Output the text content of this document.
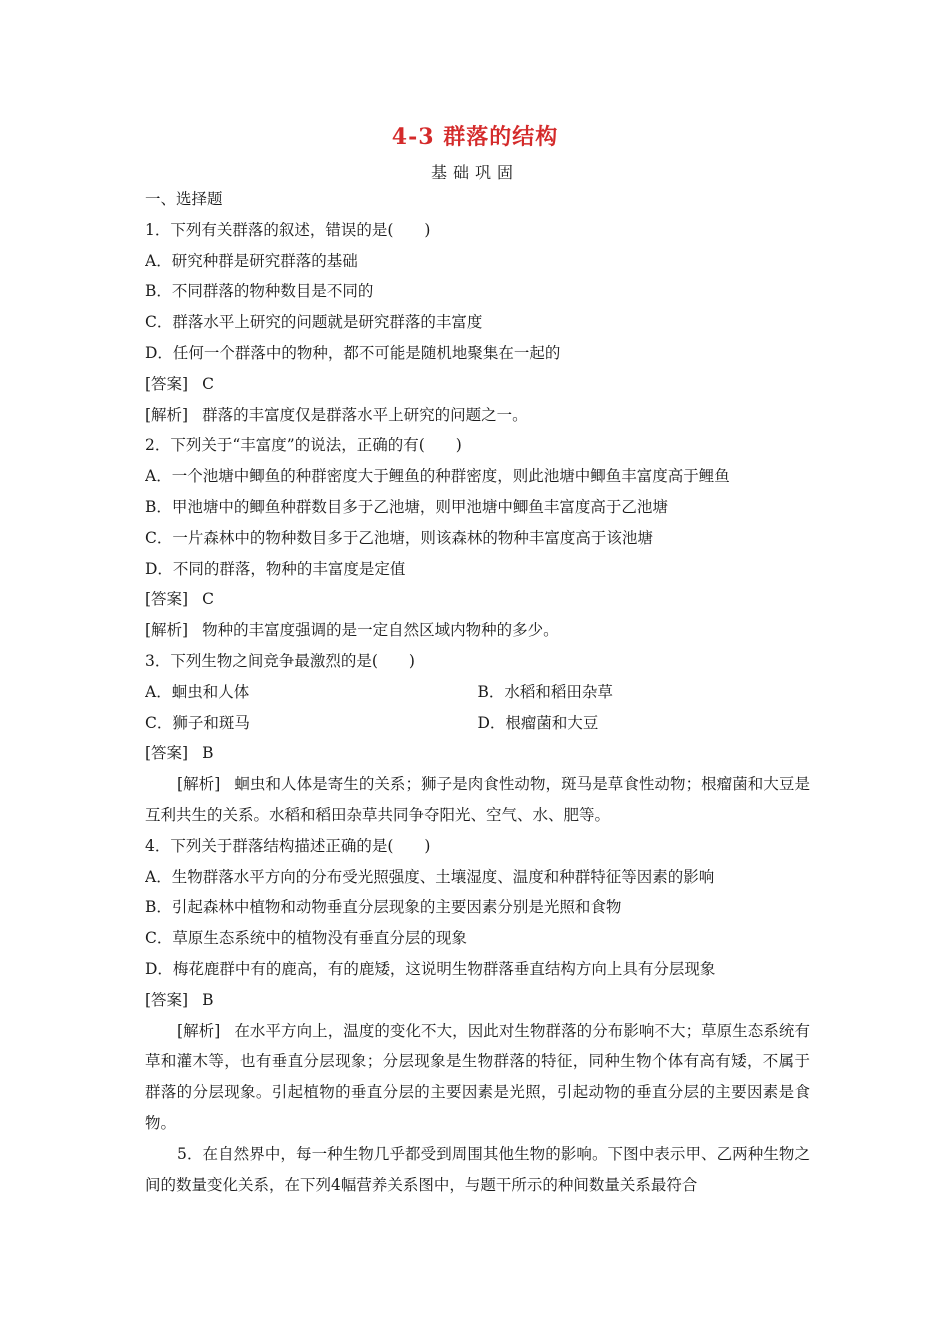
4-3 群落的结构
基础巩固
一、选择题
1．下列有关群落的叙述，错误的是(　　)
A．研究种群是研究群落的基础
B．不同群落的物种数目是不同的
C．群落水平上研究的问题就是研究群落的丰富度
D．任何一个群落中的物种，都不可能是随机地聚集在一起的
[答案] C
[解析] 群落的丰富度仅是群落水平上研究的问题之一。
2．下列关于“丰富度”的说法，正确的有(　　)
A．一个池塘中鲫鱼的种群密度大于鲤鱼的种群密度，则此池塘中鲫鱼丰富度高于鲤鱼
B．甲池塘中的鲫鱼种群数目多于乙池塘，则甲池塘中鲫鱼丰富度高于乙池塘
C．一片森林中的物种数目多于乙池塘，则该森林的物种丰富度高于该池塘
D．不同的群落，物种的丰富度是定值
[答案] C
[解析] 物种的丰富度强调的是一定自然区域内物种的多少。
3．下列生物之间竞争最激烈的是(　　)
A．蛔虫和人体	B．水稻和稻田杂草
C．狮子和斑马	D．根瘤菌和大豆
[答案] B
[解析] 蛔虫和人体是寄生的关系；狮子是肉食性动物，斑马是草食性动物；根瘤菌和大豆是互利共生的关系。水稻和稻田杂草共同争夺阳光、空气、水、肥等。
4．下列关于群落结构描述正确的是(　　)
A．生物群落水平方向的分布受光照强度、土壤湿度、温度和种群特征等因素的影响
B．引起森林中植物和动物垂直分层现象的主要因素分别是光照和食物
C．草原生态系统中的植物没有垂直分层的现象
D．梅花鹿群中有的鹿高，有的鹿矮，这说明生物群落垂直结构方向上具有分层现象
[答案] B
[解析] 在水平方向上，温度的变化不大，因此对生物群落的分布影响不大；草原生态系统有草和灌木等，也有垂直分层现象；分层现象是生物群落的特征，同种生物个体有高有矮，不属于群落的分层现象。引起植物的垂直分层的主要因素是光照，引起动物的垂直分层的主要因素是食物。
5．在自然界中，每一种生物几乎都受到周围其他生物的影响。下图中表示甲、乙两种生物之间的数量变化关系，在下列4幅营养关系图中，与题干所示的种间数量关系最符合
